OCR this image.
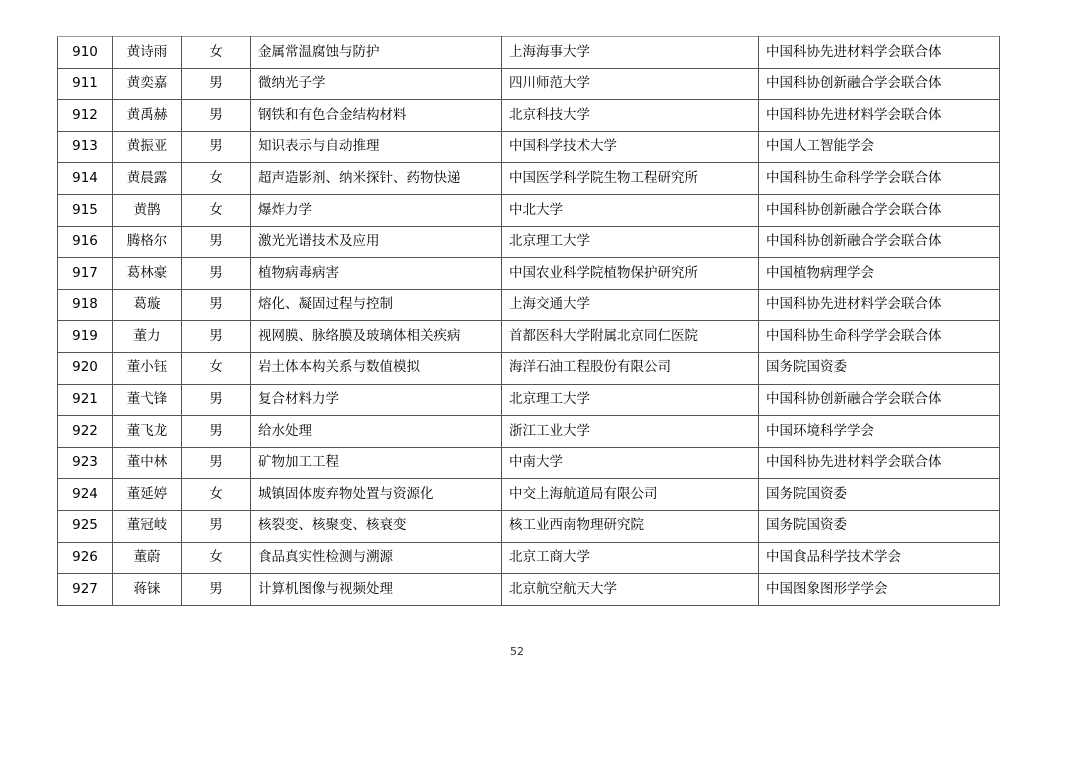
910	黄诗雨	女	金属常温腐蚀与防护	上海海事大学	中国科协先进材料学会联合体
911	黄奕嘉	男	微纳光子学	四川师范大学	中国科协创新融合学会联合体
912	黄禹赫	男	钢铁和有色合金结构材料	北京科技大学	中国科协先进材料学会联合体
913	黄振亚	男	知识表示与自动推理	中国科学技术大学	中国人工智能学会
914	黄晨露	女	超声造影剂、纳米探针、药物快递	中国医学科学院生物工程研究所	中国科协生命科学学会联合体
915	黄鹊	女	爆炸力学	中北大学	中国科协创新融合学会联合体
916	腾格尔	男	激光光谱技术及应用	北京理工大学	中国科协创新融合学会联合体
917	葛林豪	男	植物病毒病害	中国农业科学院植物保护研究所	中国植物病理学会
918	葛璇	男	熔化、凝固过程与控制	上海交通大学	中国科协先进材料学会联合体
919	董力	男	视网膜、脉络膜及玻璃体相关疾病	首都医科大学附属北京同仁医院	中国科协生命科学学会联合体
920	董小钰	女	岩土体本构关系与数值模拟	海洋石油工程股份有限公司	国务院国资委
921	董弋锋	男	复合材料力学	北京理工大学	中国科协创新融合学会联合体
922	董飞龙	男	给水处理	浙江工业大学	中国环境科学学会
923	董中林	男	矿物加工工程	中南大学	中国科协先进材料学会联合体
924	董延婷	女	城镇固体废弃物处置与资源化	中交上海航道局有限公司	国务院国资委
925	董冠岐	男	核裂变、核聚变、核衰变	核工业西南物理研究院	国务院国资委
926	董蔚	女	食品真实性检测与溯源	北京工商大学	中国食品科学技术学会
927	蒋铼	男	计算机图像与视频处理	北京航空航天大学	中国图象图形学学会
52
